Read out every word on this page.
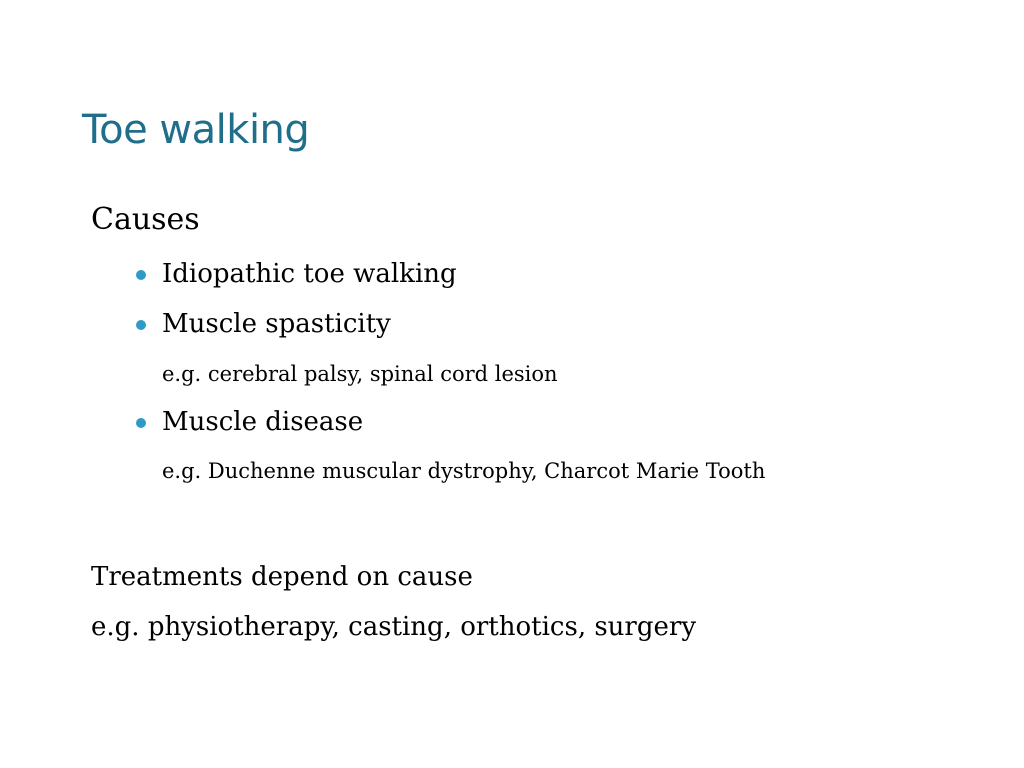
Toe walking
Causes
Idiopathic toe walking
Muscle spasticity
e.g. cerebral palsy, spinal cord lesion
Muscle disease
e.g. Duchenne muscular dystrophy, Charcot Marie Tooth
Treatments depend on cause
e.g. physiotherapy, casting, orthotics, surgery
